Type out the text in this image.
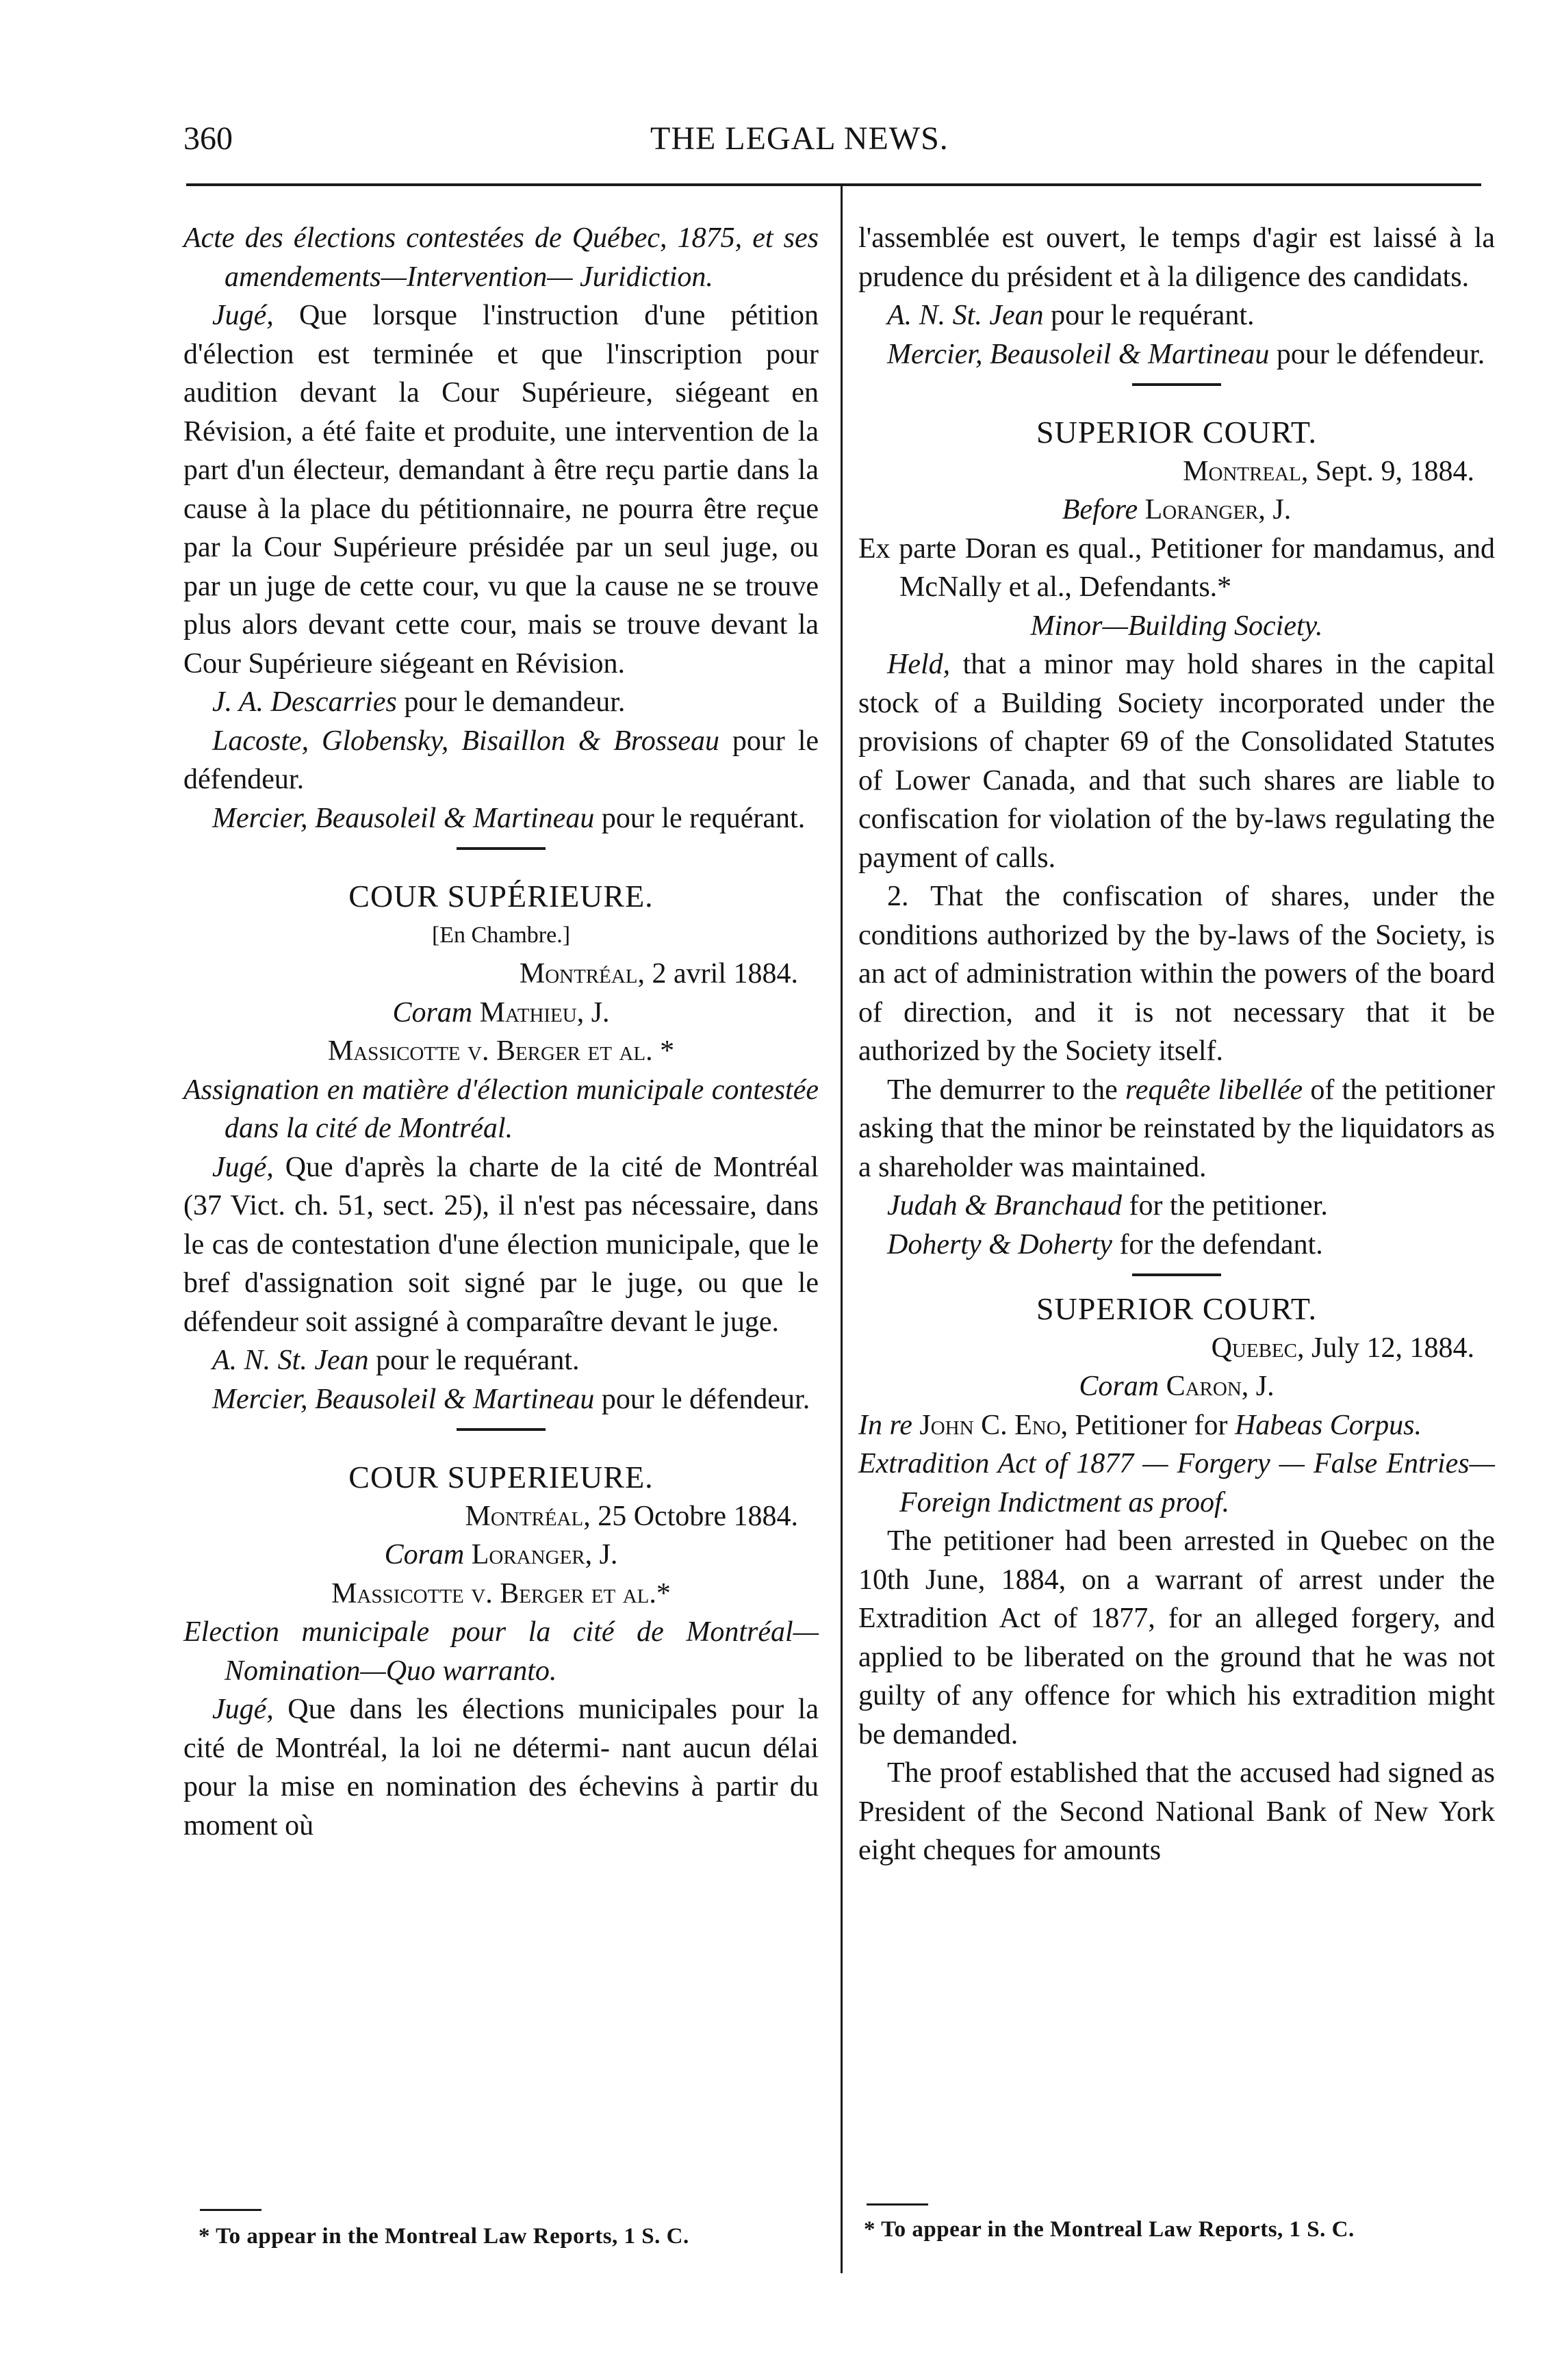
360	THE LEGAL NEWS.

Acte des élections contestées de Québec, 1875, et ses amendements—Intervention— Juridiction.

Jugé, Que lorsque l'instruction d'une pétition d'élection est terminée et que l'inscription pour audition devant la Cour Supérieure, siégeant en Révision, a été faite et produite, une intervention de la part d'un électeur, demandant à être reçu partie dans la cause à la place du pétitionnaire, ne pourra être reçue par la Cour Supérieure présidée par un seul juge, ou par un juge de cette cour, vu que la cause ne se trouve plus alors devant cette cour, mais se trouve devant la Cour Supérieure siégeant en Révision.

J. A. Descarries pour le demandeur.

Lacoste, Globensky, Bisaillon & Brosseau pour le défendeur.

Mercier, Beausoleil & Martineau pour le requérant.

COUR SUPÉRIEURE.

[En Chambre.]

Montréal, 2 avril 1884.

Coram Mathieu, J.

Massicotte v. Berger et al. *

Assignation en matière d'élection municipale contestée dans la cité de Montréal.

Jugé, Que d'après la charte de la cité de Montréal (37 Vict. ch. 51, sect. 25), il n'est pas nécessaire, dans le cas de contestation d'une élection municipale, que le bref d'assignation soit signé par le juge, ou que le défendeur soit assigné à comparaître devant le juge.

A. N. St. Jean pour le requérant.

Mercier, Beausoleil & Martineau pour le défendeur.

COUR SUPERIEURE.

Montréal, 25 Octobre 1884.

Coram Loranger, J.

Massicotte v. Berger et al.*

Election municipale pour la cité de Montréal— Nomination—Quo warranto.

Jugé, Que dans les élections municipales pour la cité de Montréal, la loi ne détermi- nant aucun délai pour la mise en nomination des échevins à partir du moment où

* To appear in the Montreal Law Reports, 1 S. C.

l'assemblée est ouvert, le temps d'agir est laissé à la prudence du président et à la diligence des candidats.

A. N. St. Jean pour le requérant.

Mercier, Beausoleil & Martineau pour le défendeur.

SUPERIOR COURT.

Montreal, Sept. 9, 1884.

Before Loranger, J.

Ex parte Doran es qual., Petitioner for mandamus, and McNally et al., Defendants.*

Minor—Building Society.

Held, that a minor may hold shares in the capital stock of a Building Society incorporated under the provisions of chapter 69 of the Consolidated Statutes of Lower Canada, and that such shares are liable to confiscation for violation of the by-laws regulating the payment of calls.

2. That the confiscation of shares, under the conditions authorized by the by-laws of the Society, is an act of administration within the powers of the board of direction, and it is not necessary that it be authorized by the Society itself.

The demurrer to the requête libellée of the petitioner asking that the minor be reinstated by the liquidators as a shareholder was maintained.

Judah & Branchaud for the petitioner.

Doherty & Doherty for the defendant.

SUPERIOR COURT.

Quebec, July 12, 1884.

Coram Caron, J.

In re John C. Eno, Petitioner for Habeas Corpus.

Extradition Act of 1877 — Forgery — False Entries—Foreign Indictment as proof.

The petitioner had been arrested in Quebec on the 10th June, 1884, on a warrant of arrest under the Extradition Act of 1877, for an alleged forgery, and applied to be liberated on the ground that he was not guilty of any offence for which his extradition might be demanded.

The proof established that the accused had signed as President of the Second National Bank of New York eight cheques for amounts

* To appear in the Montreal Law Reports, 1 S. C.
